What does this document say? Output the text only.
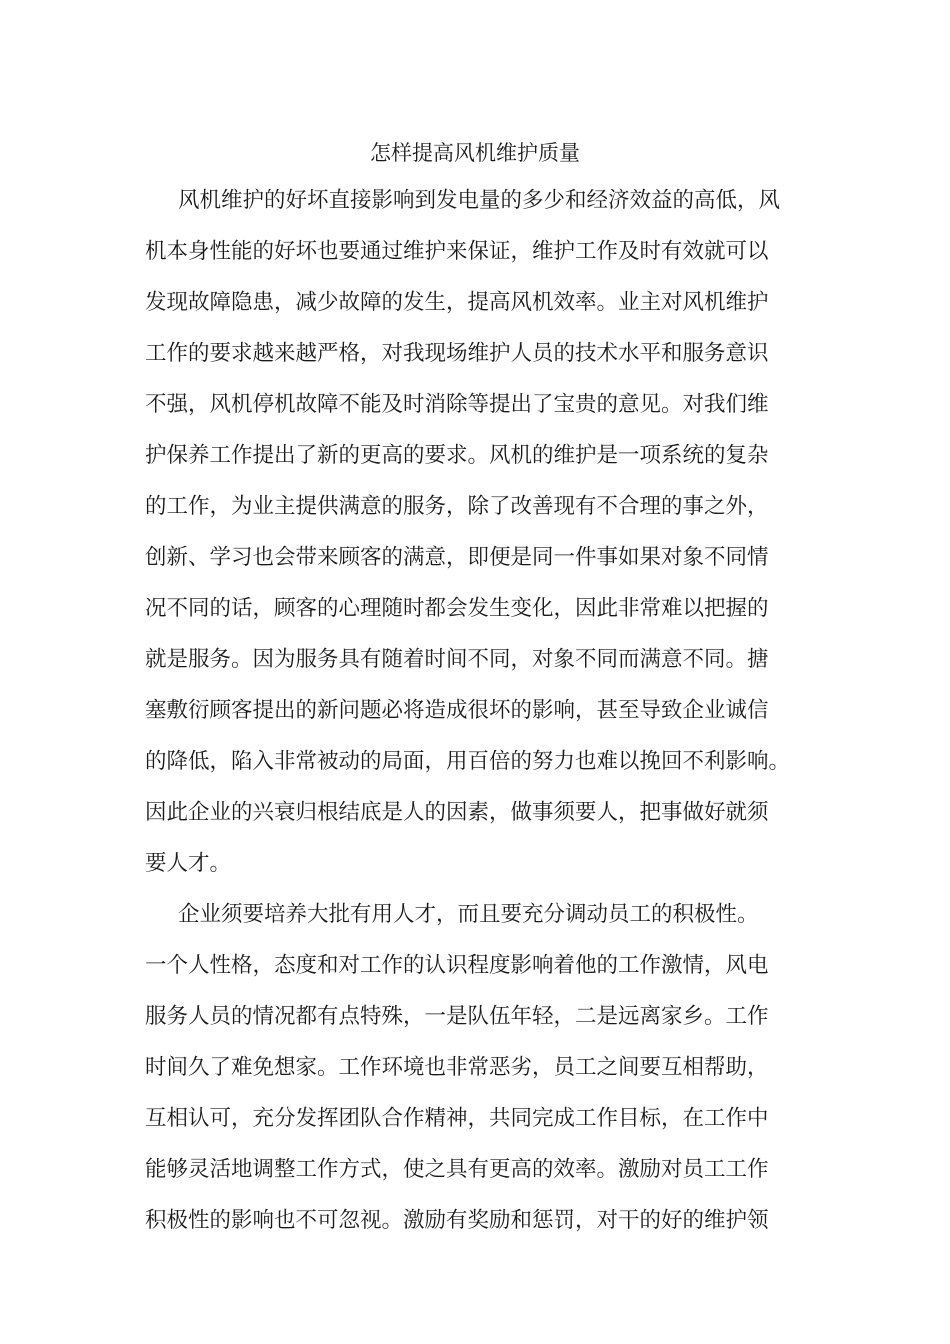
怎样提高风机维护质量
风机维护的好坏直接影响到发电量的多少和经济效益的高低，风
机本身性能的好坏也要通过维护来保证，维护工作及时有效就可以
发现故障隐患，减少故障的发生，提高风机效率。业主对风机维护
工作的要求越来越严格，对我现场维护人员的技术水平和服务意识
不强，风机停机故障不能及时消除等提出了宝贵的意见。对我们维
护保养工作提出了新的更高的要求。风机的维护是一项系统的复杂
的工作，为业主提供满意的服务，除了改善现有不合理的事之外，
创新、学习也会带来顾客的满意，即便是同一件事如果对象不同情
况不同的话，顾客的心理随时都会发生变化，因此非常难以把握的
就是服务。因为服务具有随着时间不同，对象不同而满意不同。搪
塞敷衍顾客提出的新问题必将造成很坏的影响，甚至导致企业诚信
的降低，陷入非常被动的局面，用百倍的努力也难以挽回不利影响。
因此企业的兴衰归根结底是人的因素，做事须要人，把事做好就须
要人才。
企业须要培养大批有用人才，而且要充分调动员工的积极性。
一个人性格，态度和对工作的认识程度影响着他的工作激情，风电
服务人员的情况都有点特殊，一是队伍年轻，二是远离家乡。工作
时间久了难免想家。工作环境也非常恶劣，员工之间要互相帮助，
互相认可，充分发挥团队合作精神，共同完成工作目标，在工作中
能够灵活地调整工作方式，使之具有更高的效率。激励对员工工作
积极性的影响也不可忽视。激励有奖励和惩罚，对干的好的维护领
